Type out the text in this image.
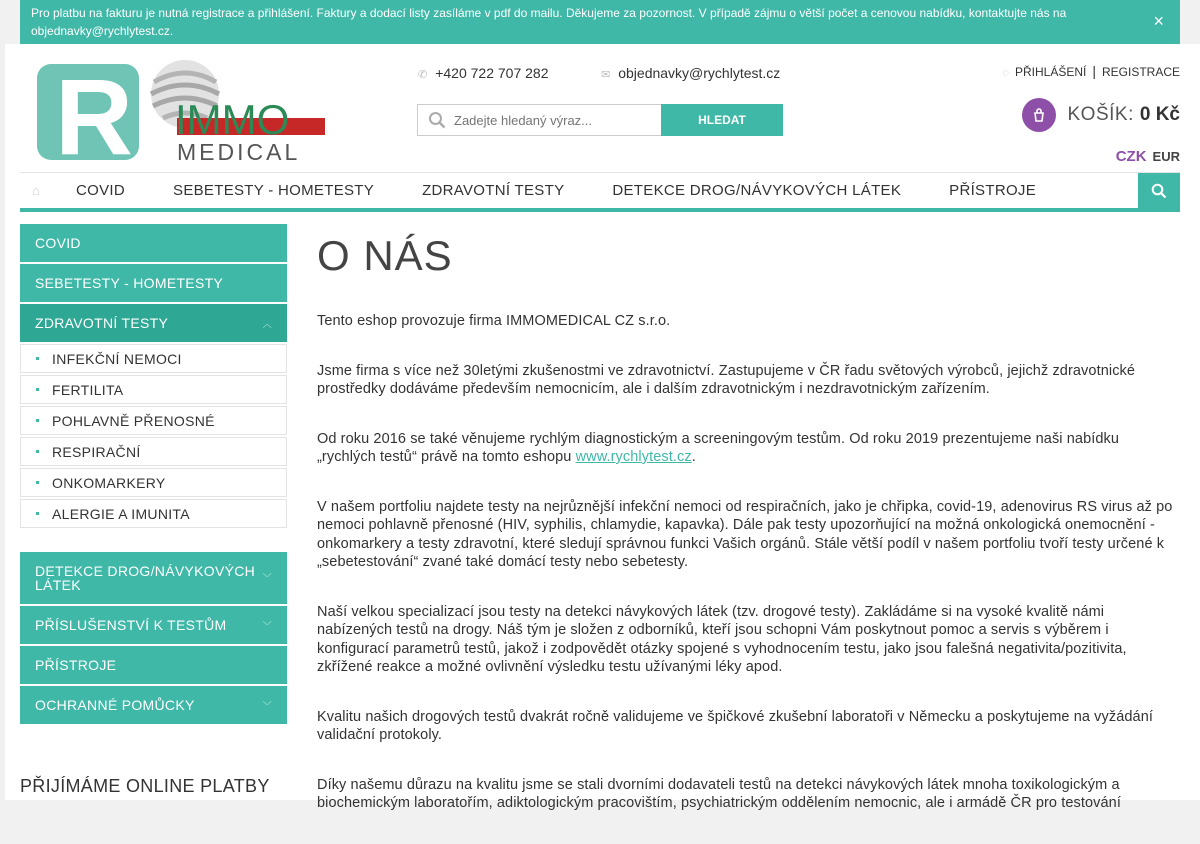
Pro platbu na fakturu je nutná registrace a přihlášení. Faktury a dodací listy zasíláme v pdf do mailu. Děkujeme za pozornost. V případě zájmu o větší počet a cenovou nabídku, kontaktujte nás na objednavky@rychlytest.cz.	×
R IMMO
MEDICAL
✆ +420 722 707 282	✉ objednavky@rychlytest.cz
Zadejte hledaný výraz...
HLEDAT
◌ PŘIHLÁŠENÍ | REGISTRACE
KOŠÍK: 0 Kč
CZK EUR
⌂	COVID	SEBETESTY - HOMETESTY	ZDRAVOTNÍ TESTY	DETEKCE DROG/NÁVYKOVÝCH LÁTEK	PŘÍSTROJE
COVID
SEBETESTY - HOMETESTY
ZDRAVOTNÍ TESTY	︿
INFEKČNÍ NEMOCI
FERTILITA
POHLAVNĚ PŘENOSNÉ
RESPIRAČNÍ
ONKOMARKERY
ALERGIE A IMUNITA
DETEKCE DROG/NÁVYKOVÝCH LÁTEK	﹀
PŘÍSLUŠENSTVÍ K TESTŮM	﹀
PŘÍSTROJE
OCHRANNÉ POMŮCKY	﹀
PŘIJÍMÁME ONLINE PLATBY
O NÁS

Tento eshop provozuje firma IMMOMEDICAL CZ s.r.o.

Jsme firma s více než 30letými zkušenostmi ve zdravotnictví. Zastupujeme v ČR řadu světových výrobců, jejichž zdravotnické prostředky dodáváme především nemocnicím, ale i dalším zdravotnickým i nezdravotnickým zařízením.

Od roku 2016 se také věnujeme rychlým diagnostickým a screeningovým testům. Od roku 2019 prezentujeme naši nabídku „rychlých testů“ právě na tomto eshopu www.rychlytest.cz.

V našem portfoliu najdete testy na nejrůznější infekční nemoci od respiračních, jako je chřipka, covid-19, adenovirus RS virus až po nemoci pohlavně přenosné (HIV, syphilis, chlamydie, kapavka). Dále pak testy upozorňující na možná onkologická onemocnění - onkomarkery a testy zdravotní, které sledují správnou funkci Vašich orgánů. Stále větší podíl v našem portfoliu tvoří testy určené k „sebetestování“ zvané také domácí testy nebo sebetesty.

Naší velkou specializací jsou testy na detekci návykových látek (tzv. drogové testy). Zakládáme si na vysoké kvalitě námi nabízených testů na drogy. Náš tým je složen z odborníků, kteří jsou schopni Vám poskytnout pomoc a servis s výběrem i konfigurací parametrů testů, jakož i zodpovědět otázky spojené s vyhodnocením testu, jako jsou falešná negativita/pozitivita, zkřížené reakce a možné ovlivnění výsledku testu užívanými léky apod.

Kvalitu našich drogových testů dvakrát ročně validujeme ve špičkové zkušební laboratoři v Německu a poskytujeme na vyžádání validační protokoly.

Díky našemu důrazu na kvalitu jsme se stali dvorními dodavateli testů na detekci návykových látek mnoha toxikologickým a biochemickým laboratořím, adiktologickým pracovištím, psychiatrickým oddělením nemocnic, ale i armádě ČR pro testování
